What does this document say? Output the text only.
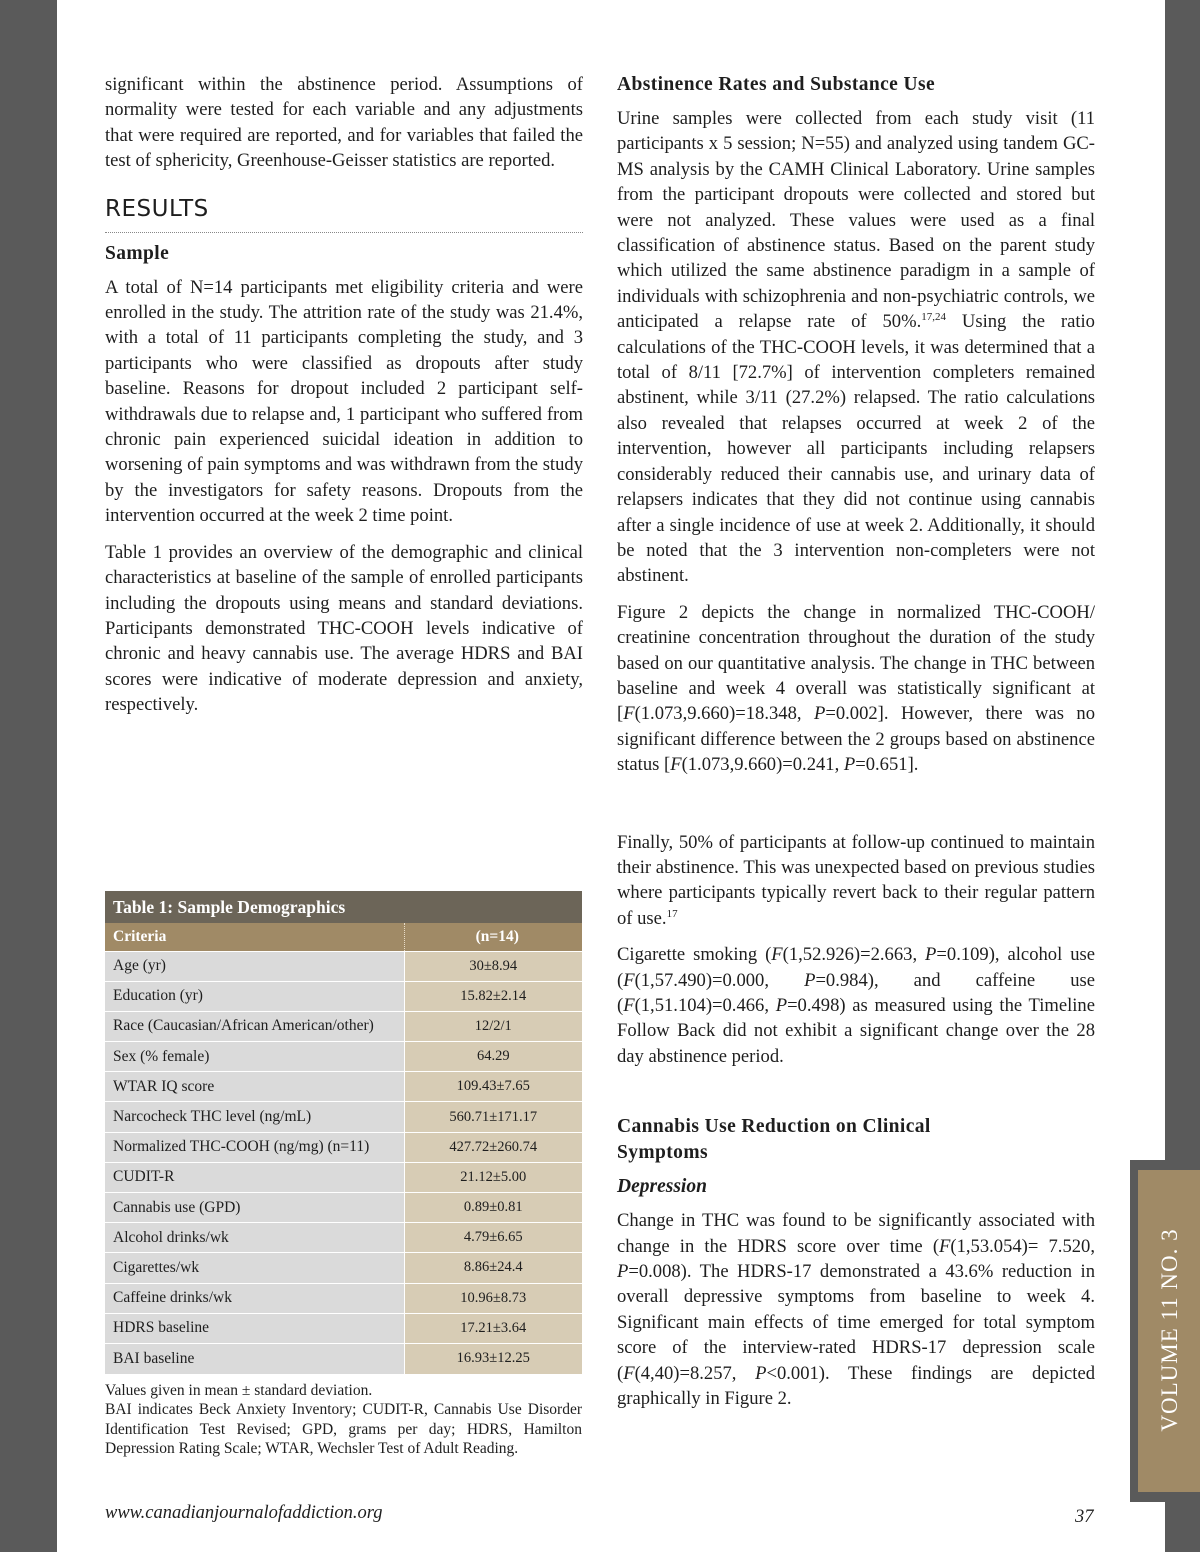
VOLUME 11 NO. 3

significant within the abstinence period. Assumptions of normality were tested for each variable and any adjustments that were required are reported, and for variables that failed the test of sphericity, Greenhouse-Geisser statistics are reported.

RESULTS
Sample

A total of N=14 participants met eligibility criteria and were enrolled in the study. The attrition rate of the study was 21.4%, with a total of 11 participants completing the study, and 3 participants who were classified as dropouts after study baseline. Reasons for dropout included 2 participant self-withdrawals due to relapse and, 1 participant who suffered from chronic pain experienced suicidal ideation in addition to worsening of pain symptoms and was withdrawn from the study by the investigators for safety reasons. Dropouts from the intervention occurred at the week 2 time point.

Table 1 provides an overview of the demographic and clinical characteristics at baseline of the sample of enrolled participants including the dropouts using means and standard deviations. Participants demonstrated THC-COOH levels indicative of chronic and heavy cannabis use. The average HDRS and BAI scores were indicative of moderate depression and anxiety, respectively.

Table 1: Sample Demographics
Criteria	(n=14)
Age (yr)	30±8.94
Education (yr)	15.82±2.14
Race (Caucasian/African American/other)	12/2/1
Sex (% female)	64.29
WTAR IQ score	109.43±7.65
Narcocheck THC level (ng/mL)	560.71±171.17
Normalized THC-COOH (ng/mg) (n=11)	427.72±260.74
CUDIT-R	21.12±5.00
Cannabis use (GPD)	0.89±0.81
Alcohol drinks/wk	4.79±6.65
Cigarettes/wk	8.86±24.4
Caffeine drinks/wk	10.96±8.73
HDRS baseline	17.21±3.64
BAI baseline	16.93±12.25
Values given in mean ± standard deviation.
BAI indicates Beck Anxiety Inventory; CUDIT-R, Cannabis Use Disorder Identification Test Revised; GPD, grams per day; HDRS, Hamilton Depression Rating Scale; WTAR, Wechsler Test of Adult Reading.
Abstinence Rates and Substance Use

Urine samples were collected from each study visit (11 participants x 5 session; N=55) and analyzed using tandem GC-MS analysis by the CAMH Clinical Laboratory. Urine samples from the participant dropouts were collected and stored but were not analyzed. These values were used as a final classification of abstinence status. Based on the parent study which utilized the same abstinence paradigm in a sample of individuals with schizophrenia and non-psychiatric controls, we anticipated a relapse rate of 50%.$^{17,24}$ Using the ratio calculations of the THC-COOH levels, it was determined that a total of 8/11 [72.7%] of intervention completers remained abstinent, while 3/11 (27.2%) relapsed. The ratio calculations also revealed that relapses occurred at week 2 of the intervention, however all participants including relapsers considerably reduced their cannabis use, and urinary data of relapsers indicates that they did not continue using cannabis after a single incidence of use at week 2. Additionally, it should be noted that the 3 intervention non-completers were not abstinent.

Figure 2 depicts the change in normalized THC-COOH/ creatinine concentration throughout the duration of the study based on our quantitative analysis. The change in THC between baseline and week 4 overall was statistically significant at [F(1.073,9.660)=18.348, P=0.002]. However, there was no significant difference between the 2 groups based on abstinence status [F(1.073,9.660)=0.241, P=0.651].

Finally, 50% of participants at follow-up continued to maintain their abstinence. This was unexpected based on previous studies where participants typically revert back to their regular pattern of use.$^{17}$

Cigarette smoking (F(1,52.926)=2.663, P=0.109), alcohol use (F(1,57.490)=0.000, P=0.984), and caffeine use (F(1,51.104)=0.466, P=0.498) as measured using the Timeline Follow Back did not exhibit a significant change over the 28 day abstinence period.

Cannabis Use Reduction on Clinical Symptoms
Depression

Change in THC was found to be significantly associated with change in the HDRS score over time (F(1,53.054)= 7.520, P=0.008). The HDRS-17 demonstrated a 43.6% reduction in overall depressive symptoms from baseline to week 4. Significant main effects of time emerged for total symptom score of the interview-rated HDRS-17 depression scale (F(4,40)=8.257, P<0.001). These findings are depicted graphically in Figure 2.

www.canadianjournalofaddiction.org	37
